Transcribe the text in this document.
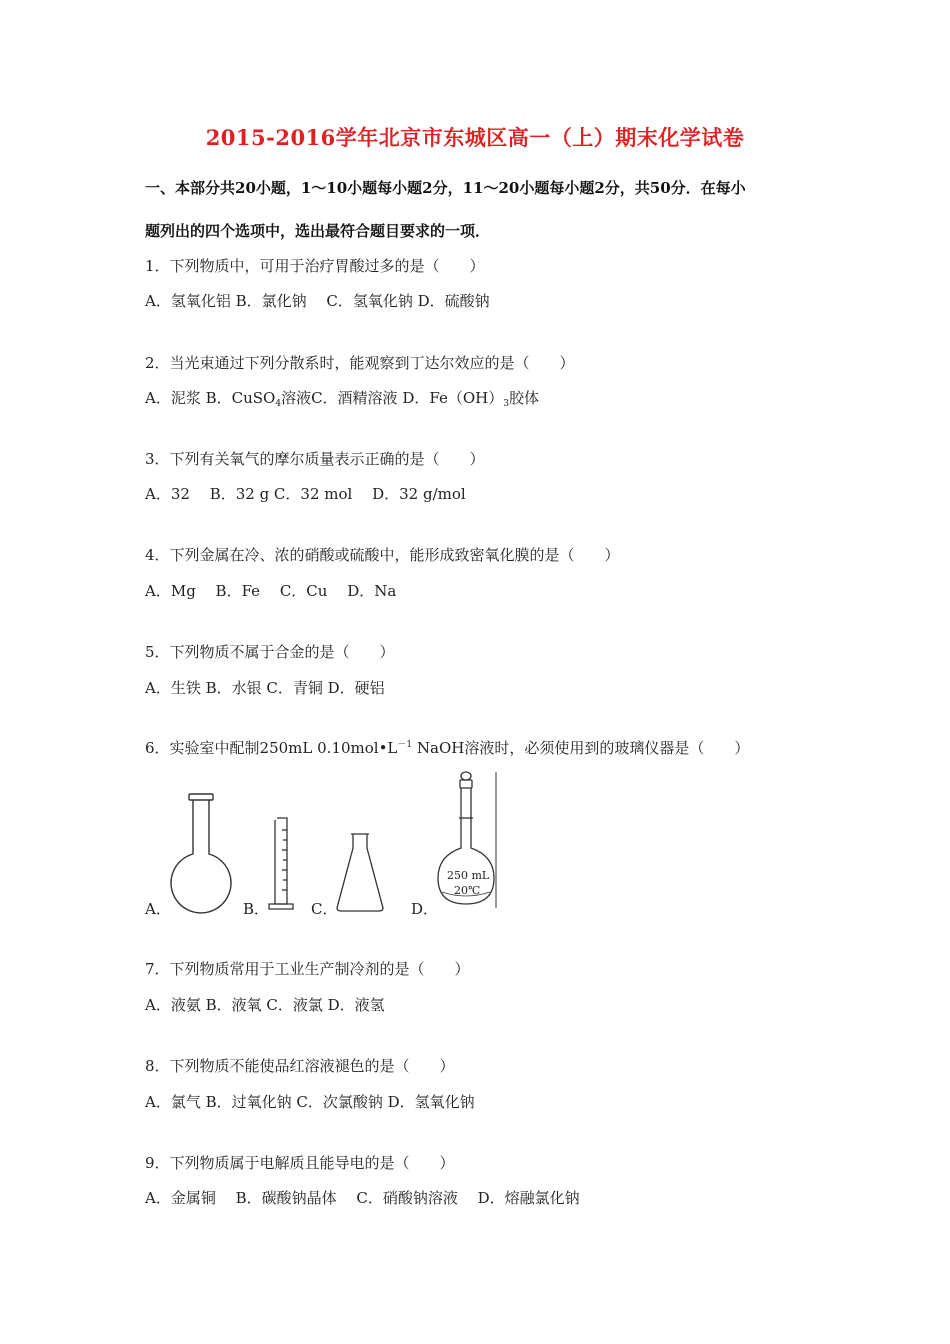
2015-2016学年北京市东城区高一（上）期末化学试卷
一、本部分共20小题，1～10小题每小题2分，11～20小题每小题2分，共50分．在每小
题列出的四个选项中，选出最符合题目要求的一项．
1．下列物质中，可用于治疗胃酸过多的是（　　）
A．氢氧化铝 B．氯化钠　 C．氢氧化钠 D．硫酸钠
2．当光束通过下列分散系时，能观察到丁达尔效应的是（　　）
A．泥浆 B．CuSO$_4$溶液C．酒精溶液 D．$Fe(OH)_3$胶体
3．下列有关氧气的摩尔质量表示正确的是（　　）
A．32　 B．32 g C．32 mol　 D．32 g/mol
4．下列金属在冷、浓的硝酸或硫酸中，能形成致密氧化膜的是（　　）
A．Mg　 B．Fe　 C．Cu　 D．Na
5．下列物质不属于合金的是（　　）
A．生铁 B．水银 C．青铜 D．硬铝
6．实验室中配制250mL $0.10mol•L^{-1}$ NaOH溶液时，必须使用到的玻璃仪器是（　　）
A．	B．	C．
250 mL
20℃
D．
7．下列物质常用于工业生产制冷剂的是（　　）
A．液氨 B．液氧 C．液氯 D．液氢
8．下列物质不能使品红溶液褪色的是（　　）
A．氯气 B．过氧化钠 C．次氯酸钠 D．氢氧化钠
9．下列物质属于电解质且能导电的是（　　）
A．金属铜　 B．碳酸钠晶体　 C．硝酸钠溶液　 D．熔融氯化钠
